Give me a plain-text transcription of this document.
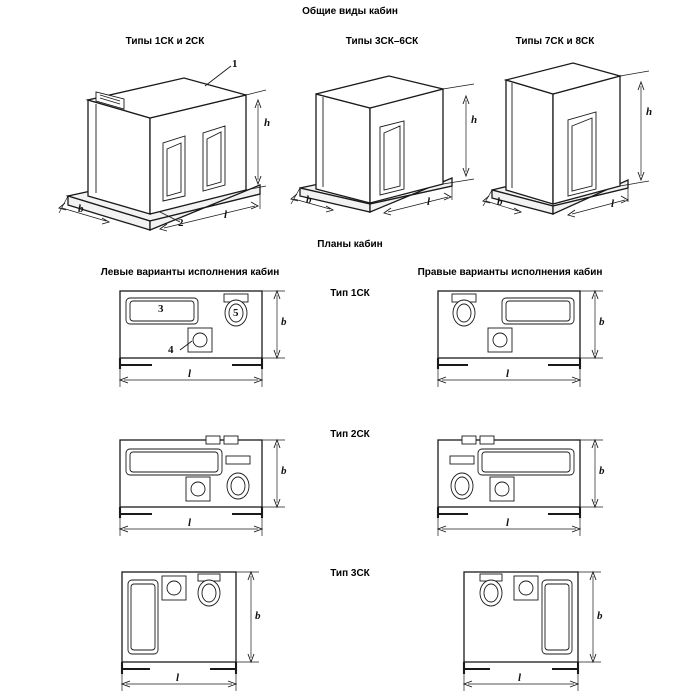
Общие виды кабин
Планы кабин
Типы 1СК и 2СК	Типы 3СК–6СК	Типы 7СК и 8СК
Левые варианты исполнения кабин	Правые варианты исполнения кабин
Тип 1СК
Тип 2СК
Тип 3СК
1
2
3
4
5
h
b	l
h
b	l
h
b	l
b
l
b
l
b
l
b
l
b
l
b
l
